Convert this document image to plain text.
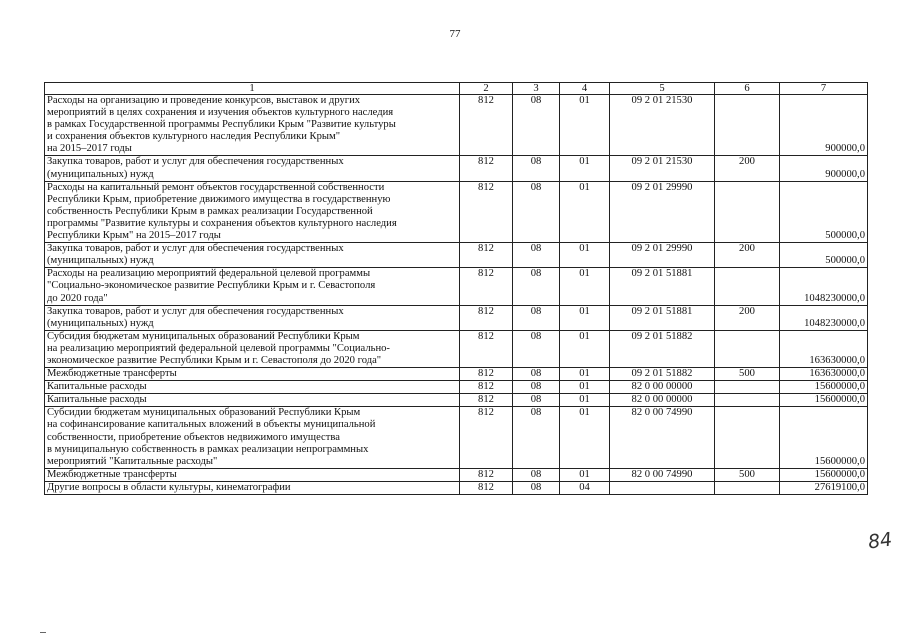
77
1	2	3	4	5	6	7

Расходы на организацию и проведение конкурсов, выставок и других
мероприятий в целях сохранения и изучения объектов культурного наследия
в рамках Государственной программы Республики Крым "Развитие культуры
и сохранения объектов культурного наследия Республики Крым"
на 2015–2017 годы	812	08	01	09 2 01 21530		900000,0

Закупка товаров, работ и услуг для обеспечения государственных
(муниципальных) нужд	812	08	01	09 2 01 21530	200	900000,0

Расходы на капитальный ремонт объектов государственной собственности
Республики Крым, приобретение движимого имущества в государственную
собственность Республики Крым в рамках реализации Государственной
программы "Развитие культуры и сохранения объектов культурного наследия
Республики Крым" на 2015–2017 годы	812	08	01	09 2 01 29990		500000,0

Закупка товаров, работ и услуг для обеспечения государственных
(муниципальных) нужд	812	08	01	09 2 01 29990	200	500000,0

Расходы на реализацию мероприятий федеральной целевой программы
"Социально-экономическое развитие Республики Крым и г. Севастополя
до 2020 года"	812	08	01	09 2 01 51881		1048230000,0

Закупка товаров, работ и услуг для обеспечения государственных
(муниципальных) нужд	812	08	01	09 2 01 51881	200	1048230000,0

Субсидия бюджетам муниципальных образований Республики Крым
на реализацию мероприятий федеральной целевой программы "Социально-
экономическое развитие Республики Крым и г. Севастополя до 2020 года"	812	08	01	09 2 01 51882		163630000,0

Межбюджетные трансферты	812	08	01	09 2 01 51882	500	163630000,0

Капитальные расходы	812	08	01	82 0 00 00000		15600000,0

Капитальные расходы	812	08	01	82 0 00 00000		15600000,0

Субсидии бюджетам муниципальных образований Республики Крым
на софинансирование капитальных вложений в объекты муниципальной
собственности, приобретение объектов недвижимого имущества
в муниципальную собственность в рамках реализации непрограммных
мероприятий "Капитальные расходы"	812	08	01	82 0 00 74990		15600000,0

Межбюджетные трансферты	812	08	01	82 0 00 74990	500	15600000,0

Другие вопросы в области культуры, кинематографии	812	08	04			27619100,0
84
